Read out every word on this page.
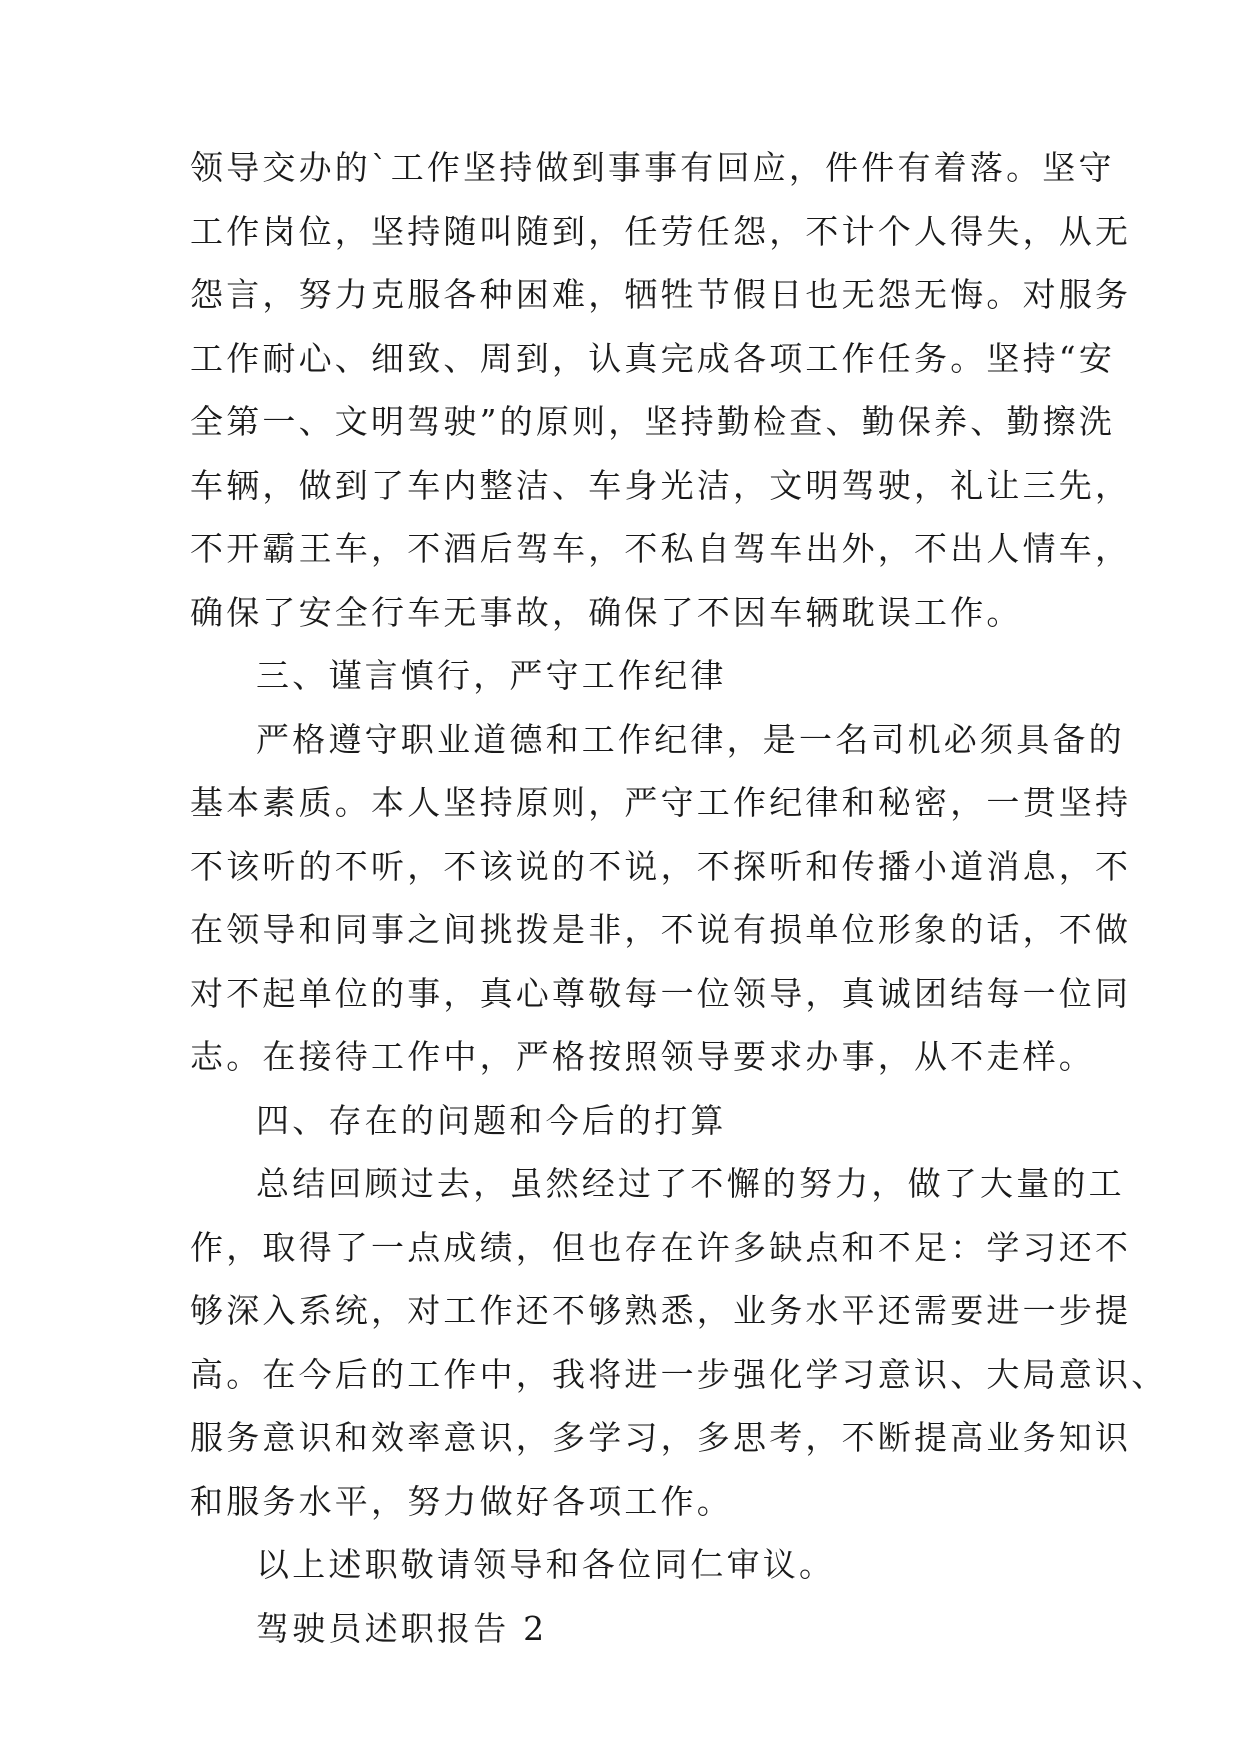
领导交办的`工作坚持做到事事有回应，件件有着落。坚守
工作岗位，坚持随叫随到，任劳任怨，不计个人得失，从无
怨言，努力克服各种困难，牺牲节假日也无怨无悔。对服务
工作耐心、细致、周到，认真完成各项工作任务。坚持“安
全第一、文明驾驶”的原则，坚持勤检查、勤保养、勤擦洗
车辆，做到了车内整洁、车身光洁，文明驾驶，礼让三先，
不开霸王车，不酒后驾车，不私自驾车出外，不出人情车，
确保了安全行车无事故，确保了不因车辆耽误工作。
三、谨言慎行，严守工作纪律
严格遵守职业道德和工作纪律，是一名司机必须具备的
基本素质。本人坚持原则，严守工作纪律和秘密，一贯坚持
不该听的不听，不该说的不说，不探听和传播小道消息，不
在领导和同事之间挑拨是非，不说有损单位形象的话，不做
对不起单位的事，真心尊敬每一位领导，真诚团结每一位同
志。在接待工作中，严格按照领导要求办事，从不走样。
四、存在的问题和今后的打算
总结回顾过去，虽然经过了不懈的努力，做了大量的工
作，取得了一点成绩，但也存在许多缺点和不足：学习还不
够深入系统，对工作还不够熟悉，业务水平还需要进一步提
高。在今后的工作中，我将进一步强化学习意识、大局意识、
服务意识和效率意识，多学习，多思考，不断提高业务知识
和服务水平，努力做好各项工作。
以上述职敬请领导和各位同仁审议。
驾驶员述职报告 2
